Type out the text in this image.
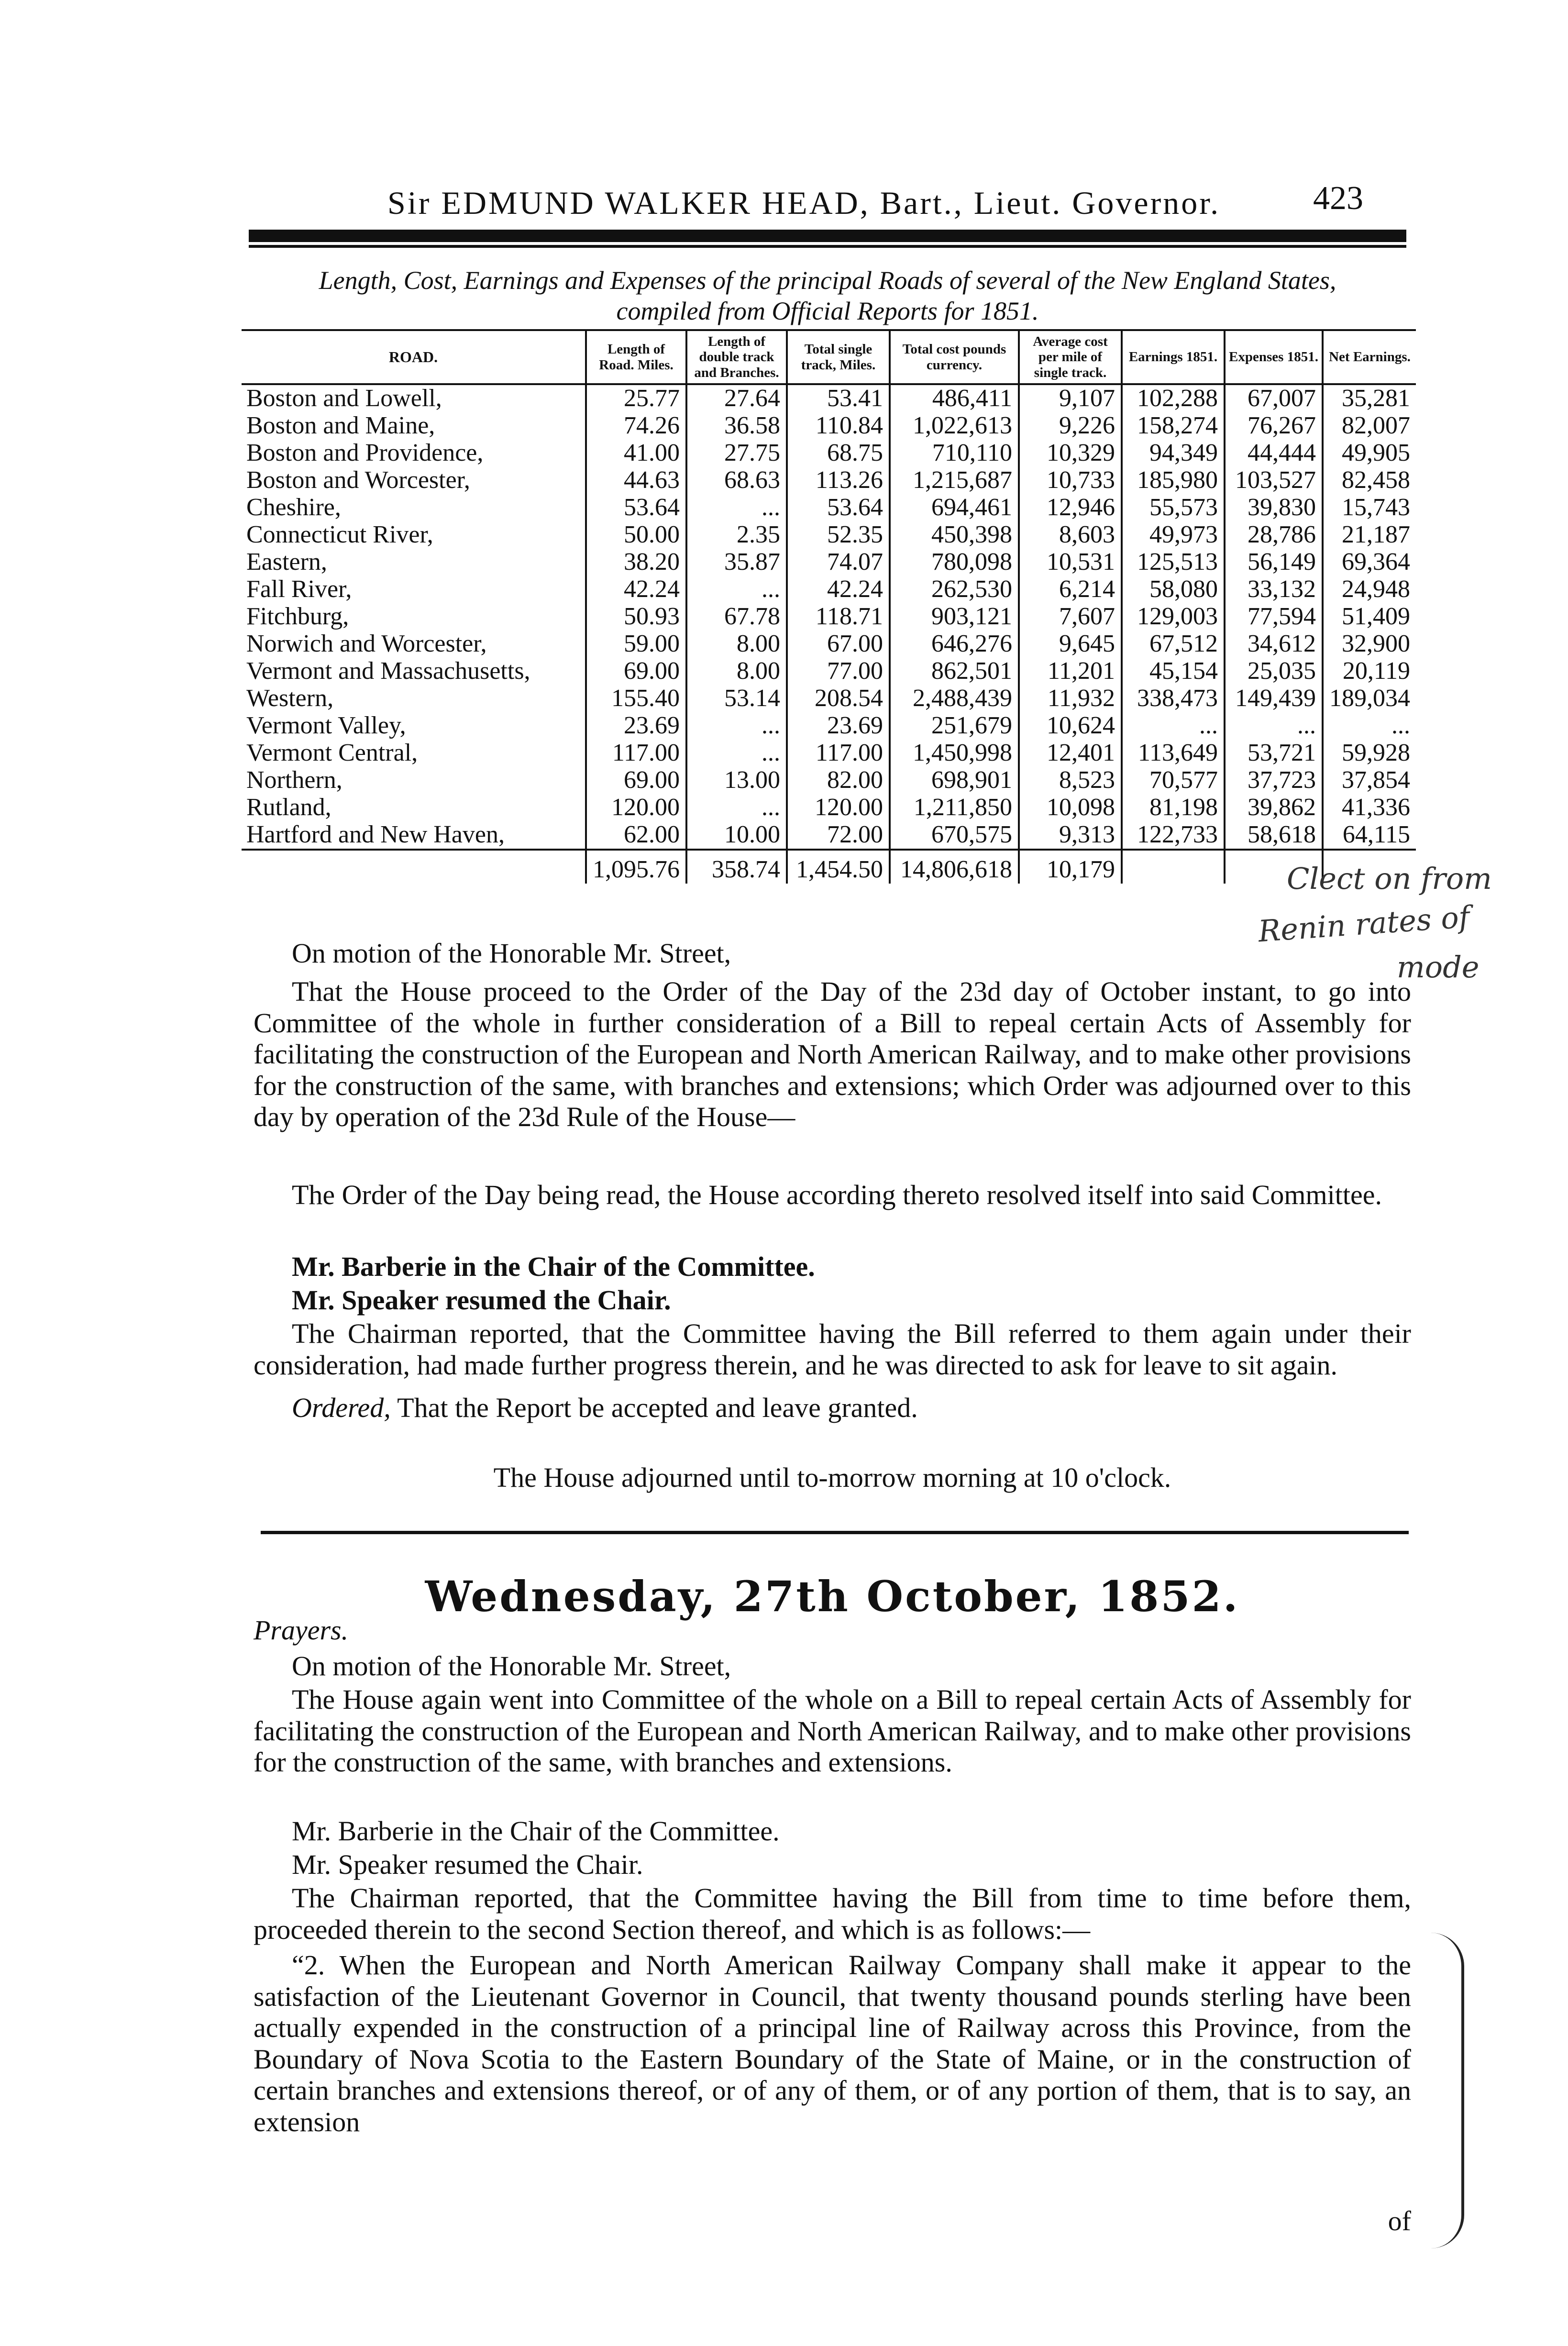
Sir EDMUND WALKER HEAD, Bart., Lieut. Governor.	423
Length, Cost, Earnings and Expenses of the principal Roads of several of the New England States,
compiled from Official Reports for 1851.
ROAD.	Length of Road. Miles.	Length of double track and Branches.	Total single track, Miles.	Total cost pounds currency.	Average cost per mile of single track.	Earnings 1851.	Expenses 1851.	Net Earnings.
Boston and Lowell,	25.77	27.64	53.41	486,411	9,107	102,288	67,007	35,281
Boston and Maine,	74.26	36.58	110.84	1,022,613	9,226	158,274	76,267	82,007
Boston and Providence,	41.00	27.75	68.75	710,110	10,329	94,349	44,444	49,905
Boston and Worcester,	44.63	68.63	113.26	1,215,687	10,733	185,980	103,527	82,458
Cheshire,	53.64	...	53.64	694,461	12,946	55,573	39,830	15,743
Connecticut River,	50.00	2.35	52.35	450,398	8,603	49,973	28,786	21,187
Eastern,	38.20	35.87	74.07	780,098	10,531	125,513	56,149	69,364
Fall River,	42.24	...	42.24	262,530	6,214	58,080	33,132	24,948
Fitchburg,	50.93	67.78	118.71	903,121	7,607	129,003	77,594	51,409
Norwich and Worcester,	59.00	8.00	67.00	646,276	9,645	67,512	34,612	32,900
Vermont and Massachusetts,	69.00	8.00	77.00	862,501	11,201	45,154	25,035	20,119
Western,	155.40	53.14	208.54	2,488,439	11,932	338,473	149,439	189,034
Vermont Valley,	23.69	...	23.69	251,679	10,624	...	...	...
Vermont Central,	117.00	...	117.00	1,450,998	12,401	113,649	53,721	59,928
Northern,	69.00	13.00	82.00	698,901	8,523	70,577	37,723	37,854
Rutland,	120.00	...	120.00	1,211,850	10,098	81,198	39,862	41,336
Hartford and New Haven,	62.00	10.00	72.00	670,575	9,313	122,733	58,618	64,115
	1,095.76	358.74	1,454.50	14,806,618	10,179				Clect on from
Renin rates of
mode
On motion of the Honorable Mr. Street,
That the House proceed to the Order of the Day of the 23d day of October instant, to go into Committee of the whole in further consideration of a Bill to repeal certain Acts of Assembly for facilitating the construction of the European and North American Railway, and to make other provisions for the construction of the same, with branches and extensions; which Order was adjourned over to this day by operation of the 23d Rule of the House—
The Order of the Day being read, the House according thereto resolved itself into said Committee.
Mr. Barberie in the Chair of the Committee.
Mr. Speaker resumed the Chair.
The Chairman reported, that the Committee having the Bill referred to them again under their consideration, had made further progress therein, and he was directed to ask for leave to sit again.
Ordered, That the Report be accepted and leave granted.
The House adjourned until to-morrow morning at 10 o'clock.
Wednesday, 27th October, 1852.
Prayers.
On motion of the Honorable Mr. Street,
The House again went into Committee of the whole on a Bill to repeal certain Acts of Assembly for facilitating the construction of the European and North American Railway, and to make other provisions for the construction of the same, with branches and extensions.
Mr. Barberie in the Chair of the Committee.
Mr. Speaker resumed the Chair.
The Chairman reported, that the Committee having the Bill from time to time before them, proceeded therein to the second Section thereof, and which is as follows:—
“2. When the European and North American Railway Company shall make it appear to the satisfaction of the Lieutenant Governor in Council, that twenty thousand pounds sterling have been actually expended in the construction of a principal line of Railway across this Province, from the Boundary of Nova Scotia to the Eastern Boundary of the State of Maine, or in the construction of certain branches and extensions thereof, or of any of them, or of any portion of them, that is to say, an extension
of
